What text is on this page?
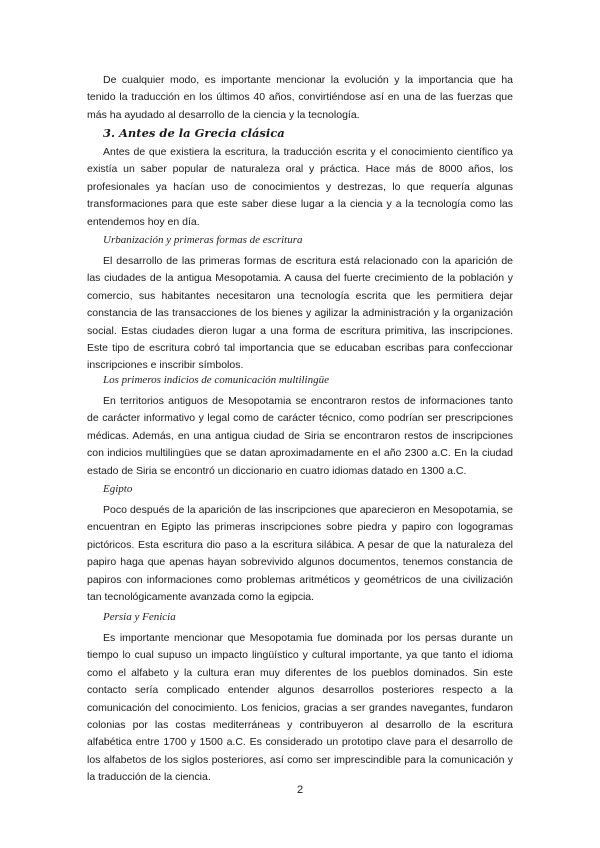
De cualquier modo, es importante mencionar la evolución y la importancia que ha tenido la traducción en los últimos 40 años, convirtiéndose así en una de las fuerzas que más ha ayudado al desarrollo de la ciencia y la tecnología.

3. Antes de la Grecia clásica

Antes de que existiera la escritura, la traducción escrita y el conocimiento científico ya existía un saber popular de naturaleza oral y práctica. Hace más de 8000 años, los profesionales ya hacían uso de conocimientos y destrezas, lo que requería algunas transformaciones para que este saber diese lugar a la ciencia y a la tecnología como las entendemos hoy en día.

Urbanización y primeras formas de escritura

El desarrollo de las primeras formas de escritura está relacionado con la aparición de las ciudades de la antigua Mesopotamia. A causa del fuerte crecimiento de la población y comercio, sus habitantes necesitaron una tecnología escrita que les permitiera dejar constancia de las transacciones de los bienes y agilizar la administración y la organización social. Estas ciudades dieron lugar a una forma de escritura primitiva, las inscripciones. Este tipo de escritura cobró tal importancia que se educaban escribas para confeccionar inscripciones e inscribir símbolos.

Los primeros indicios de comunicación multilingüe

En territorios antiguos de Mesopotamia se encontraron restos de informaciones tanto de carácter informativo y legal como de carácter técnico, como podrían ser prescripciones médicas. Además, en una antigua ciudad de Siria se encontraron restos de inscripciones con indicios multilingües que se datan aproximadamente en el año 2300 a.C. En la ciudad estado de Siria se encontró un diccionario en cuatro idiomas datado en 1300 a.C.

Egipto

Poco después de la aparición de las inscripciones que aparecieron en Mesopotamia, se encuentran en Egipto las primeras inscripciones sobre piedra y papiro con logogramas pictóricos. Esta escritura dio paso a la escritura silábica. A pesar de que la naturaleza del papiro haga que apenas hayan sobrevivido algunos documentos, tenemos constancia de papiros con informaciones como problemas aritméticos y geométricos de una civilización tan tecnológicamente avanzada como la egipcia.

Persia y Fenicia

Es importante mencionar que Mesopotamia fue dominada por los persas durante un tiempo lo cual supuso un impacto lingüístico y cultural importante, ya que tanto el idioma como el alfabeto y la cultura eran muy diferentes de los pueblos dominados. Sin este contacto sería complicado entender algunos desarrollos posteriores respecto a la comunicación del conocimiento. Los fenicios, gracias a ser grandes navegantes, fundaron colonias por las costas mediterráneas y contribuyeron al desarrollo de la escritura alfabética entre 1700 y 1500 a.C. Es considerado un prototipo clave para el desarrollo de los alfabetos de los siglos posteriores, así como ser imprescindible para la comunicación y la traducción de la ciencia.

2
